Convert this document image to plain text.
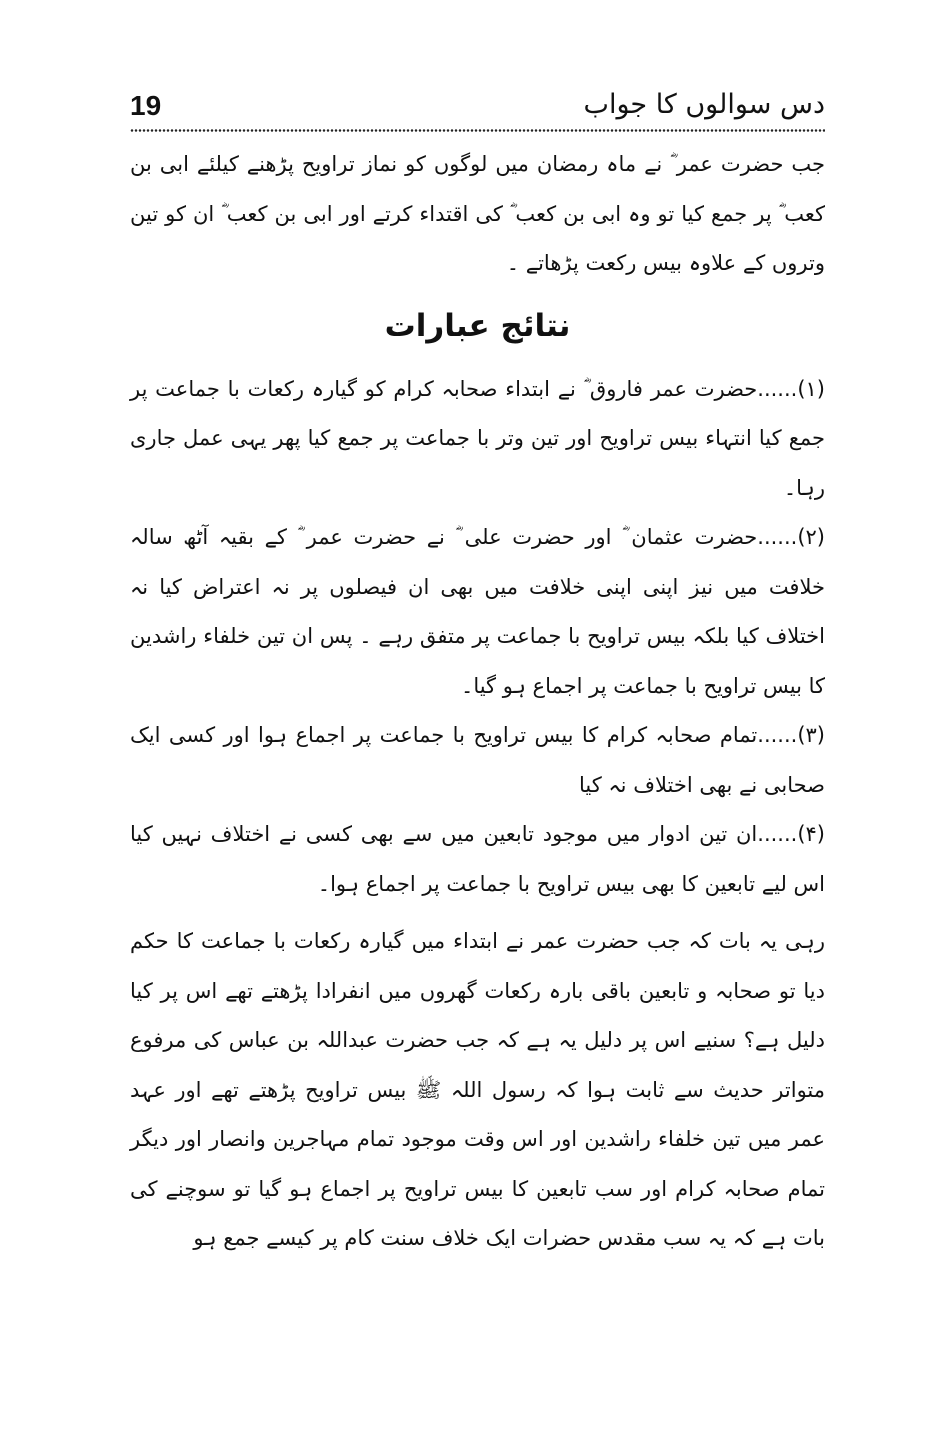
19	دس سوالوں کا جواب

جب حضرت عمر ؓ نے ماہ رمضان میں لوگوں کو نماز تراویح پڑھنے کیلئے ابی بن کعب ؓ پر جمع کیا تو وہ ابی بن کعب ؓ کی اقتداء کرتے اور ابی بن کعب ؓ ان کو تین وتروں کے علاوہ بیس رکعت پڑھاتے ۔

نتائج عبارات

(۱)......حضرت عمر فاروق ؓ نے ابتداء صحابہ کرام کو گیارہ رکعات با جماعت پر جمع کیا انتہاء بیس تراویح اور تین وتر با جماعت پر جمع کیا پھر یہی عمل جاری رہا۔

(۲)......حضرت عثمان ؓ اور حضرت علی ؓ نے حضرت عمر ؓ کے بقیہ آٹھ سالہ خلافت میں نیز اپنی اپنی خلافت میں بھی ان فیصلوں پر نہ اعتراض کیا نہ اختلاف کیا بلکہ بیس تراویح با جماعت پر متفق رہے ۔ پس ان تین خلفاء راشدین کا بیس تراویح با جماعت پر اجماع ہو گیا۔

(۳)......تمام صحابہ کرام کا بیس تراویح با جماعت پر اجماع ہوا اور کسی ایک صحابی نے بھی اختلاف نہ کیا

(۴)......ان تین ادوار میں موجود تابعین میں سے بھی کسی نے اختلاف نہیں کیا اس لیے تابعین کا بھی بیس تراویح با جماعت پر اجماع ہوا۔

رہی یہ بات کہ جب حضرت عمر نے ابتداء میں گیارہ رکعات با جماعت کا حکم دیا تو صحابہ و تابعین باقی بارہ رکعات گھروں میں انفرادا پڑھتے تھے اس پر کیا دلیل ہے؟ سنیے اس پر دلیل یہ ہے کہ جب حضرت عبداللہ بن عباس کی مرفوع متواتر حدیث سے ثابت ہوا کہ رسول اللہ ﷺ بیس تراویح پڑھتے تھے اور عہد عمر میں تین خلفاء راشدین اور اس وقت موجود تمام مہاجرین وانصار اور دیگر تمام صحابہ کرام اور سب تابعین کا بیس تراویح پر اجماع ہو گیا تو سوچنے کی بات ہے کہ یہ سب مقدس حضرات ایک خلاف سنت کام پر کیسے جمع ہو
